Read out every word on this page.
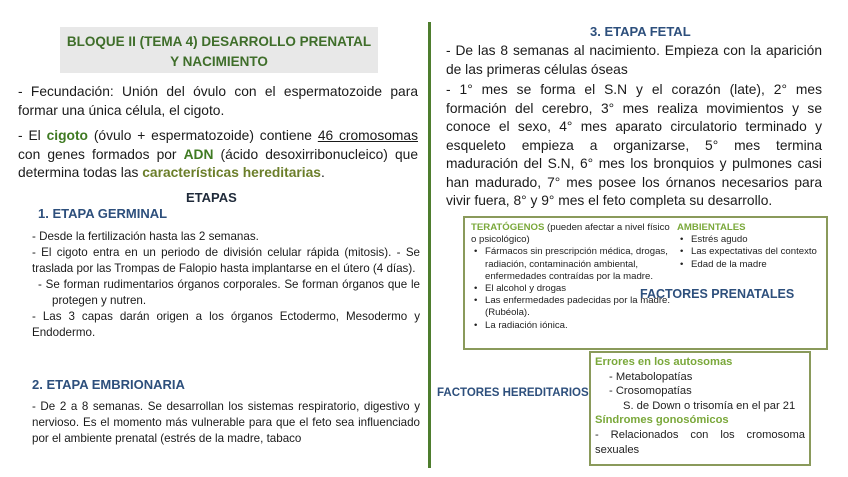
BLOQUE II (TEMA 4) DESARROLLO PRENATAL
Y NACIMIENTO
- Fecundación: Unión del óvulo con el espermatozoide para formar una única célula, el cigoto.
- El cigoto (óvulo + espermatozoide) contiene 46 cromosomas con genes formados por ADN (ácido desoxirribonucleico) que determina todas las características hereditarias.
ETAPAS
1. ETAPA GERMINAL
- Desde la fertilización hasta las 2 semanas.
- El cigoto entra en un periodo de división celular rápida (mitosis). - Se traslada por las Trompas de Falopio hasta implantarse en el útero (4 días).
- Se forman rudimentarios órganos corporales. Se forman órganos que le protegen y nutren.
- Las 3 capas darán origen a los órganos Ectodermo, Mesodermo y Endodermo.
2. ETAPA EMBRIONARIA
- De 2 a 8 semanas. Se desarrollan los sistemas respiratorio, digestivo y nervioso. Es el momento más vulnerable para que el feto sea influenciado por el ambiente prenatal (estrés de la madre, tabaco
3. ETAPA FETAL
- De las 8 semanas al nacimiento. Empieza con la aparición de las primeras células óseas
- 1° mes se forma el S.N y el corazón (late), 2° mes formación del cerebro, 3° mes realiza movimientos y se conoce el sexo, 4° mes aparato circulatorio terminado y esqueleto empieza a organizarse, 5° mes termina maduración del S.N, 6° mes los bronquios y pulmones casi han madurado, 7° mes posee los órnanos necesarios para vivir fuera, 8° y 9° mes el feto completa su desarrollo.
TERATÓGENOS (pueden afectar a nivel físico o psicológico)
• Fármacos sin prescripción médica, drogas, radiación, contaminación ambiental, enfermedades contraídas por la madre.
• El alcohol y drogas
• Las enfermedades padecidas por la madre. (Rubéola).
• La radiación iónica.
AMBIENTALES
• Estrés agudo
• Las expectativas del contexto
• Edad de la madre
FACTORES PRENATALES
FACTORES HEREDITARIOS
Errores en los autosomas
- Metabolopatías
- Crosomopatías
S. de Down o trisomía en el par 21
Síndromes gonosómicos
- Relacionados con los cromosoma sexuales
